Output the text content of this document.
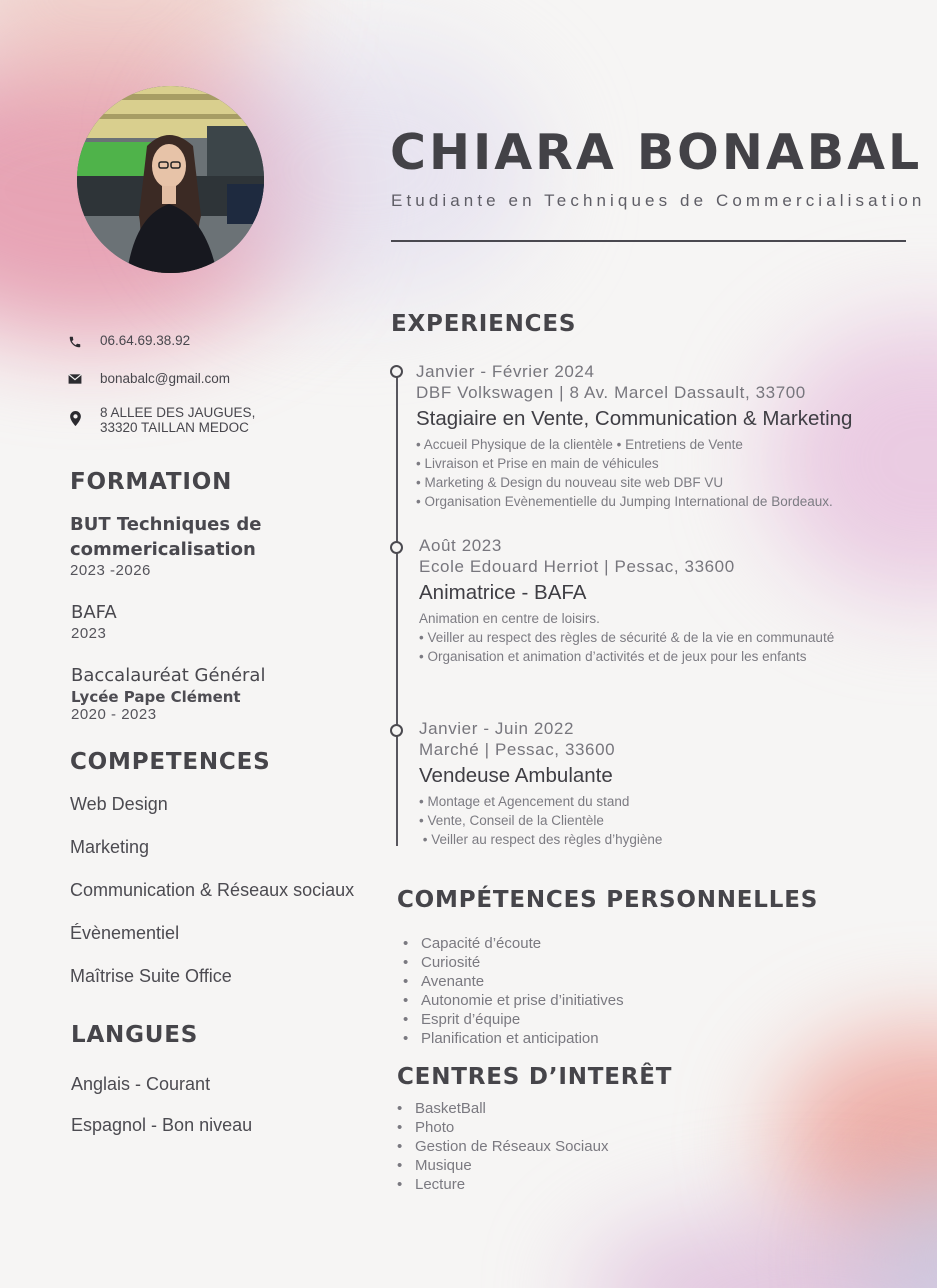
CHIARA BONABAL
Etudiante en Techniques de Commercialisation
06.64.69.38.92
bonabalc@gmail.com
8 ALLEE DES JAUGUES,
33320 TAILLAN MEDOC
FORMATION
BUT Techniques de
commericalisation
2023 -2026
BAFA
2023
Baccalauréat Général
Lycée Pape Clément
2020 - 2023
COMPETENCES
Web Design
Marketing
Communication & Réseaux sociaux
Évènementiel
Maîtrise Suite Office
LANGUES
Anglais - Courant
Espagnol - Bon niveau
EXPERIENCES
Janvier - Février 2024
DBF Volkswagen | 8 Av. Marcel Dassault, 33700
Stagiaire en Vente, Communication & Marketing
• Accueil Physique de la clientèle • Entretiens de Vente
• Livraison et Prise en main de véhicules
• Marketing & Design du nouveau site web DBF VU
• Organisation Evènementielle du Jumping International de Bordeaux.
Août 2023
Ecole Edouard Herriot | Pessac, 33600
Animatrice - BAFA
Animation en centre de loisirs.
• Veiller au respect des règles de sécurité & de la vie en communauté
• Organisation et animation d’activités et de jeux pour les enfants
Janvier - Juin 2022
Marché | Pessac, 33600
Vendeuse Ambulante
• Montage et Agencement du stand
• Vente, Conseil de la Clientèle
• Veiller au respect des règles d’hygiène
COMPÉTENCES PERSONNELLES
• Capacité d’écoute
• Curiosité
• Avenante
• Autonomie et prise d’initiatives
• Esprit d’équipe
• Planification et anticipation
CENTRES D’INTERÊT
• BasketBall
• Photo
• Gestion de Réseaux Sociaux
• Musique
• Lecture
